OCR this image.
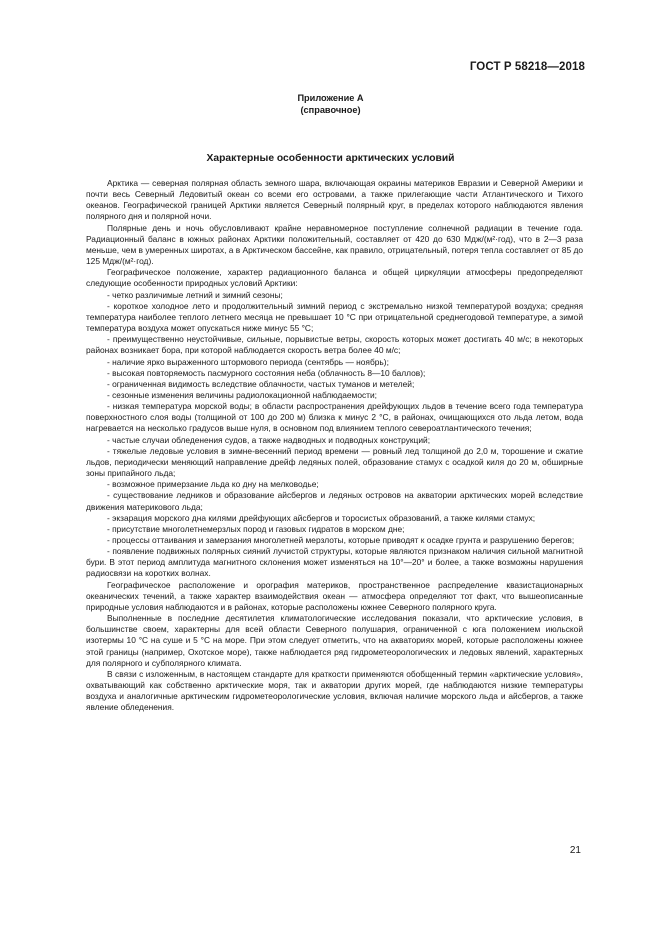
ГОСТ Р 58218—2018
Приложение А
(справочное)
Характерные особенности арктических условий

Арктика — северная полярная область земного шара, включающая окраины материков Евразии и Северной Америки и почти весь Северный Ледовитый океан со всеми его островами, а также прилегающие части Атлантического и Тихого океанов. Географической границей Арктики является Северный полярный круг, в пределах которого наблюдаются явления полярного дня и полярной ночи.

Полярные день и ночь обусловливают крайне неравномерное поступление солнечной радиации в течение года. Радиационный баланс в южных районах Арктики положительный, составляет от 420 до 630 Мдж/(м²·год), что в 2—3 раза меньше, чем в умеренных широтах, а в Арктическом бассейне, как правило, отрицательный, потеря тепла составляет от 85 до 125 Мдж/(м²·год).

Географическое положение, характер радиационного баланса и общей циркуляции атмосферы предопределяют следующие особенности природных условий Арктики:

- четко различимые летний и зимний сезоны;

- короткое холодное лето и продолжительный зимний период с экстремально низкой температурой воздуха; средняя температура наиболее теплого летнего месяца не превышает 10 °С при отрицательной среднегодовой температуре, а зимой температура воздуха может опускаться ниже минус 55 °С;

- преимущественно неустойчивые, сильные, порывистые ветры, скорость которых может достигать 40 м/с; в некоторых районах возникает бора, при которой наблюдается скорость ветра более 40 м/с;

- наличие ярко выраженного штормового периода (сентябрь — ноябрь);

- высокая повторяемость пасмурного состояния неба (облачность 8—10 баллов);

- ограниченная видимость вследствие облачности, частых туманов и метелей;

- сезонные изменения величины радиолокационной наблюдаемости;

- низкая температура морской воды; в области распространения дрейфующих льдов в течение всего года температура поверхностного слоя воды (толщиной от 100 до 200 м) близка к минус 2 °С, в районах, очищающихся ото льда летом, вода нагревается на несколько градусов выше нуля, в основном под влиянием теплого североатлантического течения;

- частые случаи обледенения судов, а также надводных и подводных конструкций;

- тяжелые ледовые условия в зимне-весенний период времени — ровный лед толщиной до 2,0 м, торошение и сжатие льдов, периодически меняющий направление дрейф ледяных полей, образование стамух с осадкой киля до 20 м, обширные зоны припайного льда;

- возможное примерзание льда ко дну на мелководье;

- существование ледников и образование айсбергов и ледяных островов на акватории арктических морей вследствие движения материкового льда;

- экзарация морского дна килями дрейфующих айсбергов и торосистых образований, а также килями стамух;

- присутствие многолетнемерзлых пород и газовых гидратов в морском дне;

- процессы оттаивания и замерзания многолетней мерзлоты, которые приводят к осадке грунта и разрушению берегов;

- появление подвижных полярных сияний лучистой структуры, которые являются признаком наличия сильной магнитной бури. В этот период амплитуда магнитного склонения может изменяться на 10°—20° и более, а также возможны нарушения радиосвязи на коротких волнах.

Географическое расположение и орография материков, пространственное распределение квазистационарных океанических течений, а также характер взаимодействия океан — атмосфера определяют тот факт, что вышеописанные природные условия наблюдаются и в районах, которые расположены южнее Северного полярного круга.

Выполненные в последние десятилетия климатологические исследования показали, что арктические условия, в большинстве своем, характерны для всей области Северного полушария, ограниченной с юга положением июльской изотермы 10 °С на суше и 5 °С на море. При этом следует отметить, что на акваториях морей, которые расположены южнее этой границы (например, Охотское море), также наблюдается ряд гидрометеорологических и ледовых явлений, характерных для полярного и субполярного климата.

В связи с изложенным, в настоящем стандарте для краткости применяются обобщенный термин «арктические условия», охватывающий как собственно арктические моря, так и акватории других морей, где наблюдаются низкие температуры воздуха и аналогичные арктическим гидрометеорологические условия, включая наличие морского льда и айсбергов, а также явление обледенения.

21
